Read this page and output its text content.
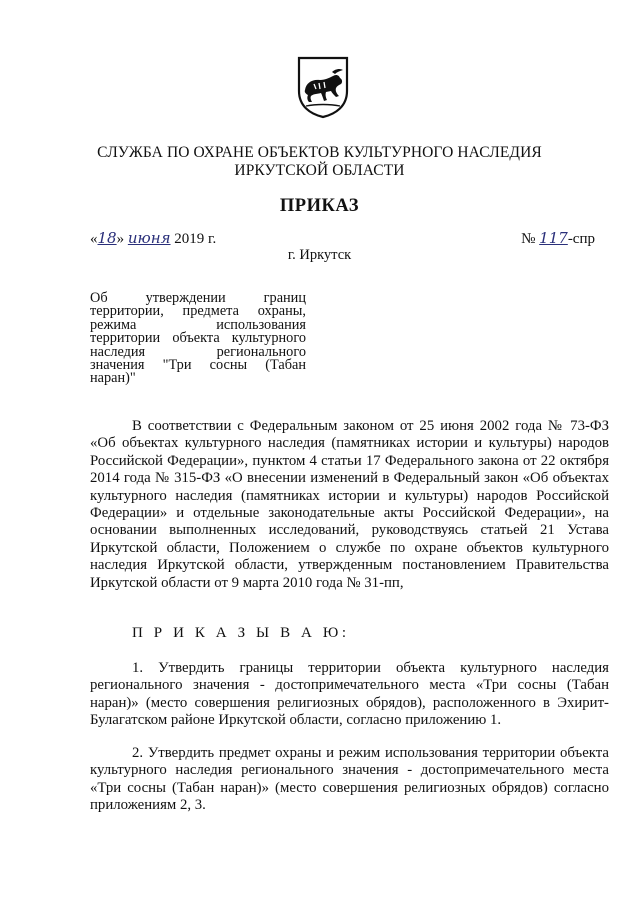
СЛУЖБА ПО ОХРАНЕ ОБЪЕКТОВ КУЛЬТУРНОГО НАСЛЕДИЯ
ИРКУТСКОЙ ОБЛАСТИ
ПРИКАЗ
«18» июня 2019 г.	№ 117-спр
г. Иркутск
Об утверждении границ
территории, предмета охраны,
режима использования
территории объекта культурного
наследия регионального
значения "Три сосны (Табан
наран)"
В соответствии с Федеральным законом от 25 июня 2002 года № 73-ФЗ «Об объектах культурного наследия (памятниках истории и культуры) народов Российской Федерации», пунктом 4 статьи 17 Федерального закона от 22 октября 2014 года № 315-ФЗ «О внесении изменений в Федеральный закон «Об объектах культурного наследия (памятниках истории и культуры) народов Российской Федерации» и отдельные законодательные акты Российской Федерации», на основании выполненных исследований, руководствуясь статьей 21 Устава Иркутской области, Положением о службе по охране объектов культурного наследия Иркутской области, утвержденным постановлением Правительства Иркутской области от 9 марта 2010 года № 31-пп,
П Р И К А З Ы В А Ю:
1. Утвердить границы территории объекта культурного наследия регионального значения - достопримечательного места «Три сосны (Табан наран)» (место совершения религиозных обрядов), расположенного в Эхирит-Булагатском районе Иркутской области, согласно приложению 1.
2. Утвердить предмет охраны и режим использования территории объекта культурного наследия регионального значения - достопримечательного места «Три сосны (Табан наран)» (место совершения религиозных обрядов) согласно приложениям 2, 3.
